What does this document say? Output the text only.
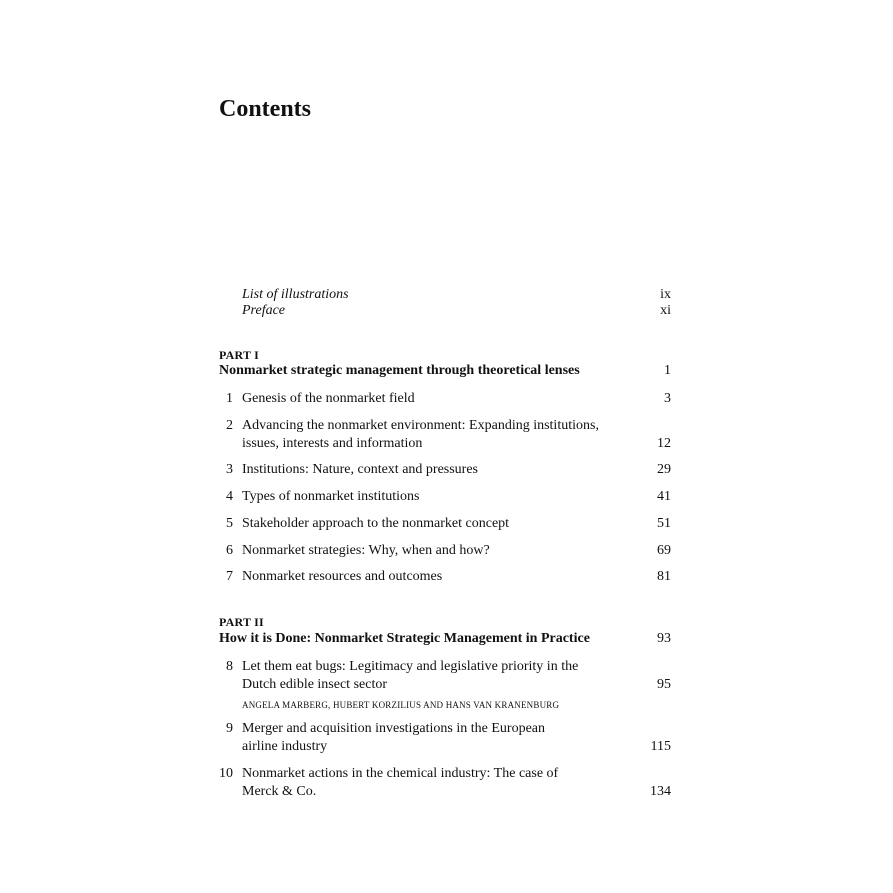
Contents
List of illustrations	ix
Preface	xi
PART I
Nonmarket strategic management through theoretical lenses	1
1 Genesis of the nonmarket field	3
2 Advancing the nonmarket environment: Expanding institutions,
issues, interests and information	12
3 Institutions: Nature, context and pressures	29
4 Types of nonmarket institutions	41
5 Stakeholder approach to the nonmarket concept	51
6 Nonmarket strategies: Why, when and how?	69
7 Nonmarket resources and outcomes	81
PART II
How it is Done: Nonmarket Strategic Management in Practice	93
8 Let them eat bugs: Legitimacy and legislative priority in the
Dutch edible insect sector	95
ANGELA MARBERG, HUBERT KORZILIUS AND HANS VAN KRANENBURG
9 Merger and acquisition investigations in the European
airline industry	115
10 Nonmarket actions in the chemical industry: The case of
Merck & Co.	134
